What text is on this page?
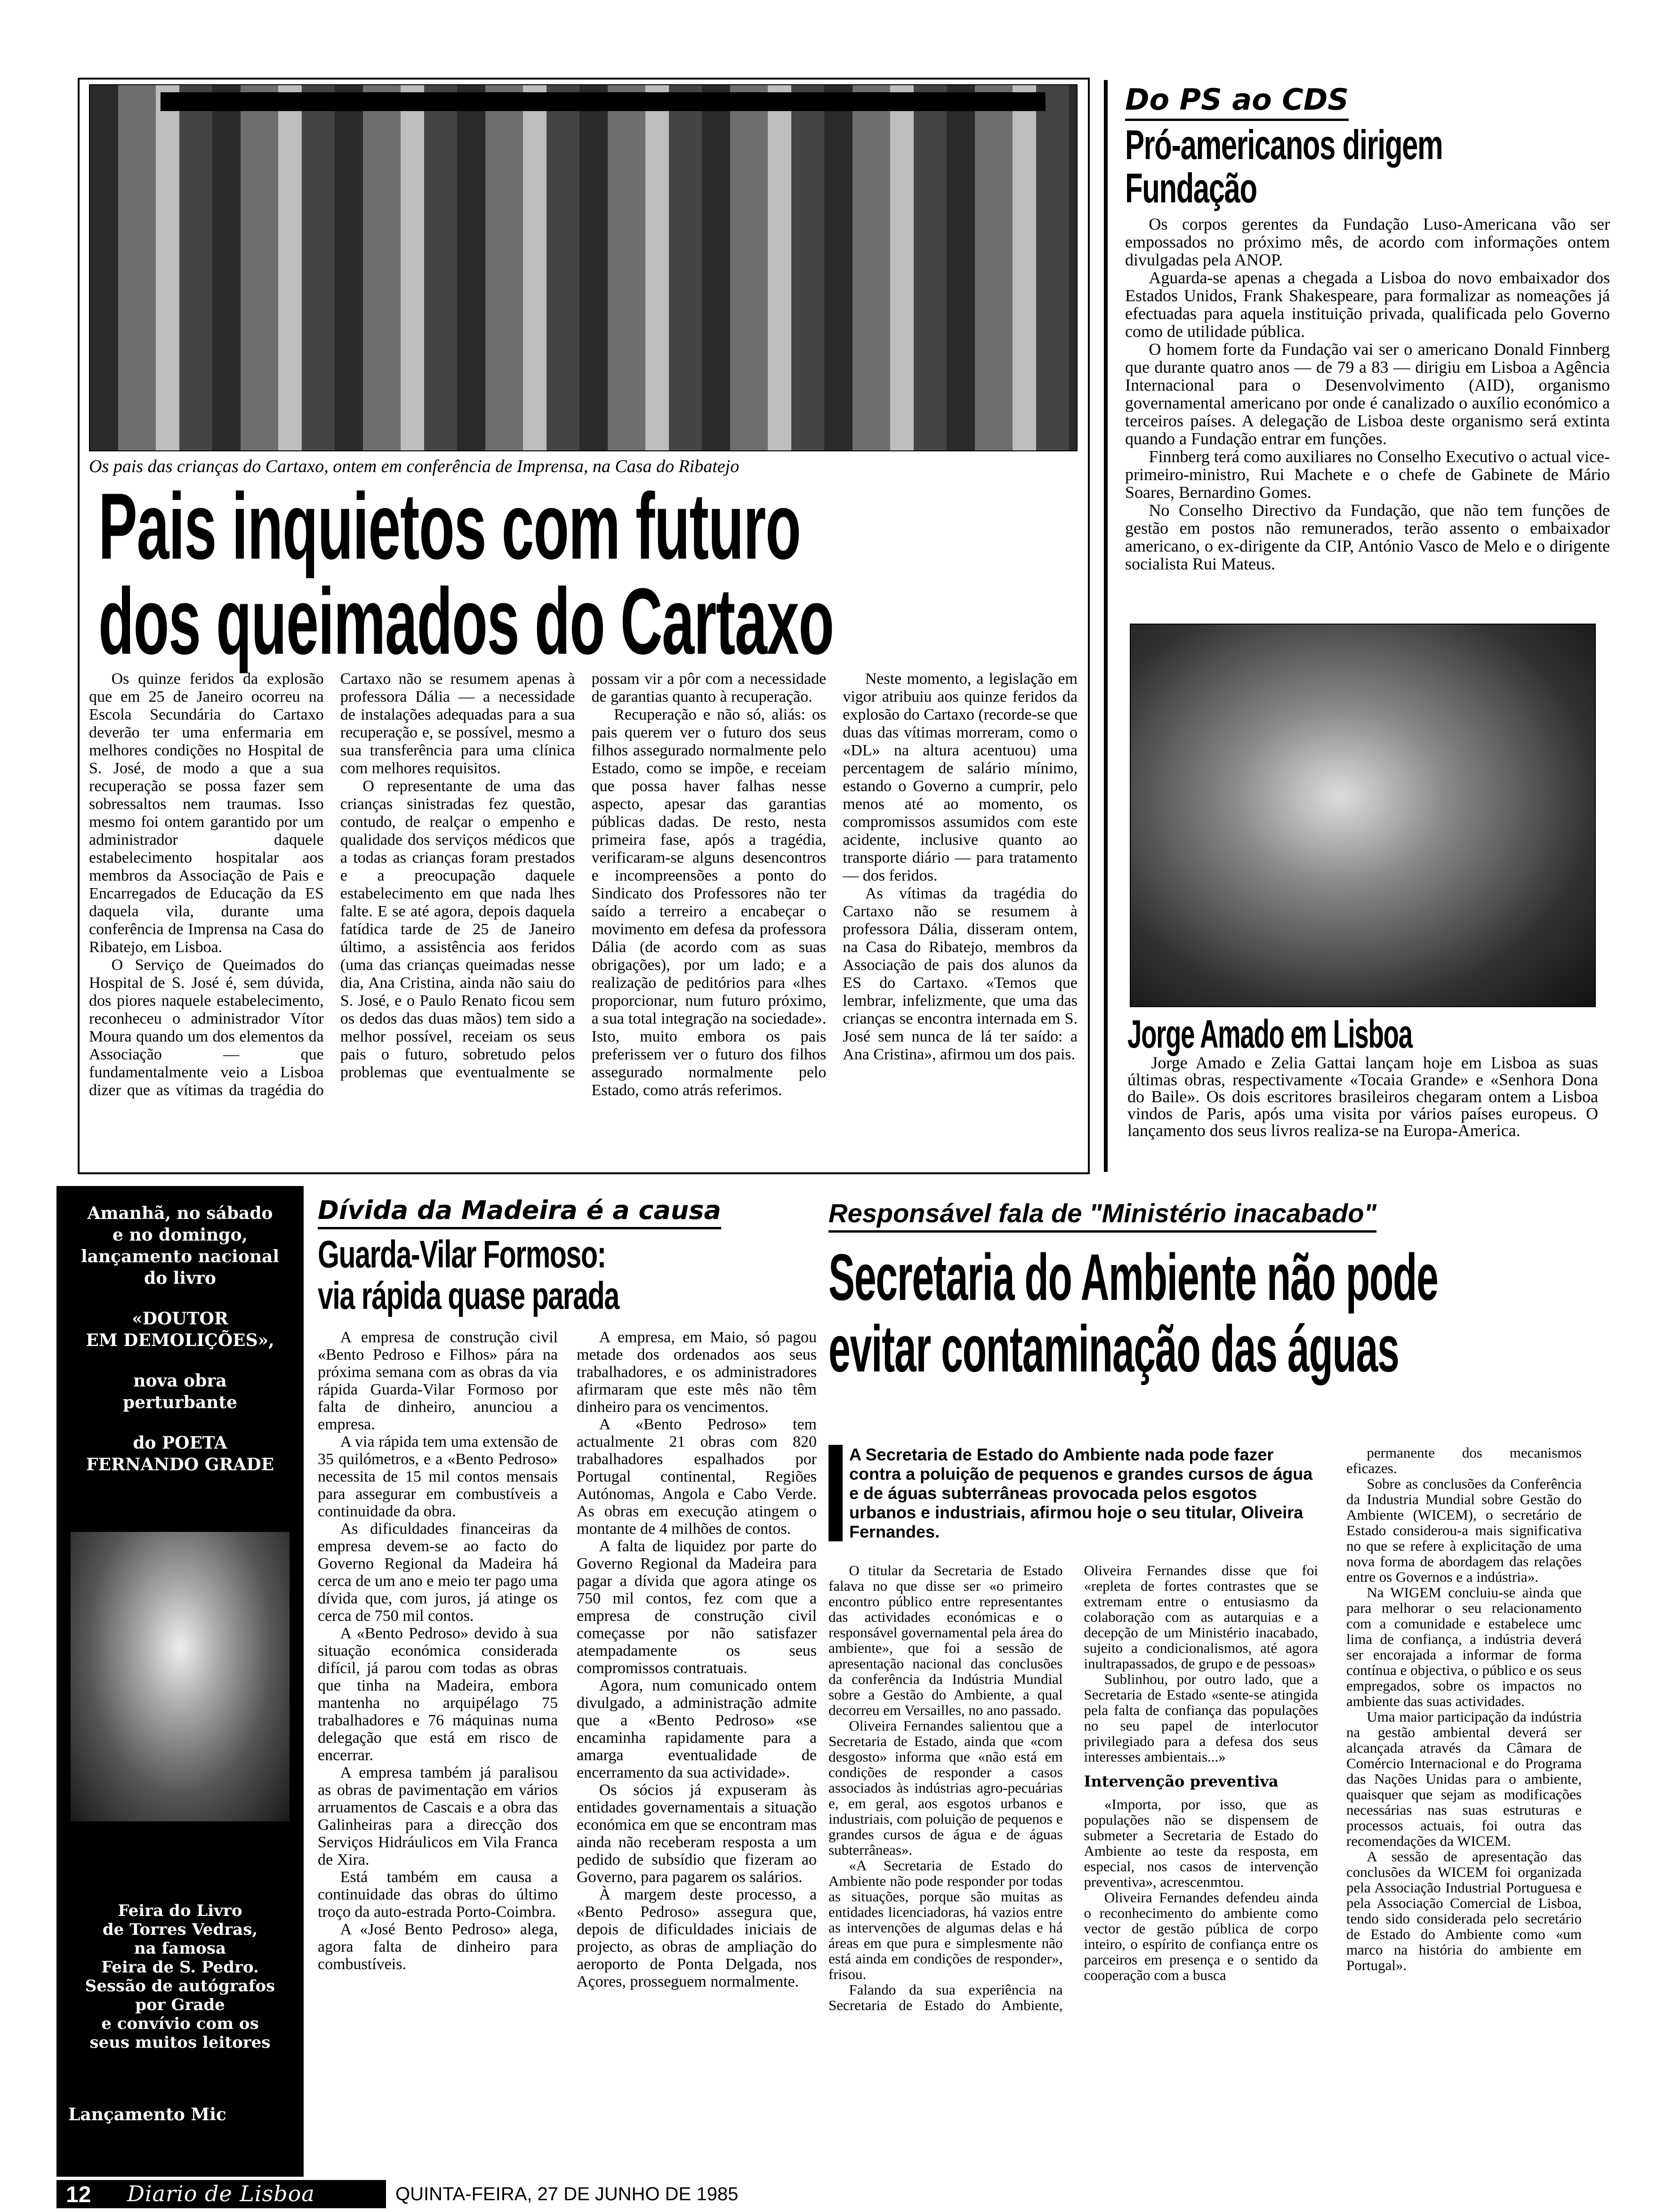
Os pais das crianças do Cartaxo, ontem em conferência de Imprensa, na Casa do Ribatejo
Pais inquietos com futuro
dos queimados do Cartaxo

Os quinze feridos da explosão que em 25 de Janeiro ocorreu na Escola Secundária do Cartaxo deverão ter uma enfermaria em melhores condições no Hospital de S. José, de modo a que a sua recuperação se possa fazer sem sobressaltos nem traumas. Isso mesmo foi ontem garantido por um administrador daquele estabelecimento hospitalar aos membros da Associação de Pais e Encarregados de Educação da ES daquela vila, durante uma conferência de Imprensa na Casa do Ribatejo, em Lisboa.

O Serviço de Queimados do Hospital de S. José é, sem dúvida, dos piores naquele estabelecimento, reconheceu o administrador Vítor Moura quando um dos elementos da Associação — que fundamentalmente veio a Lisboa dizer que as vítimas da tragédia do Cartaxo não se resumem apenas à professora Dália — a necessidade de instalações adequadas para a sua recuperação e, se possível, mesmo a sua transferência para uma clínica com melhores requisitos.

O representante de uma das crianças sinistradas fez questão, contudo, de realçar o empenho e qualidade dos serviços médicos que a todas as crianças foram prestados e a preocupação daquele estabelecimento em que nada lhes falte. E se até agora, depois daquela fatídica tarde de 25 de Janeiro último, a assistência aos feridos (uma das crianças queimadas nesse dia, Ana Cristina, ainda não saiu do S. José, e o Paulo Renato ficou sem os dedos das duas mãos) tem sido a melhor possível, receiam os seus pais o futuro, sobretudo pelos problemas que eventualmente se possam vir a pôr com a necessidade de garantias quanto à recuperação.

Recuperação e não só, aliás: os pais querem ver o futuro dos seus filhos assegurado normalmente pelo Estado, como se impõe, e receiam que possa haver falhas nesse aspecto, apesar das garantias públicas dadas. De resto, nesta primeira fase, após a tragédia, verificaram-se alguns desencontros e incompreensões a ponto do Sindicato dos Professores não ter saído a terreiro a encabeçar o movimento em defesa da professora Dália (de acordo com as suas obrigações), por um lado; e a realização de peditórios para «lhes proporcionar, num futuro próximo, a sua total integração na sociedade». Isto, muito embora os pais preferissem ver o futuro dos filhos assegurado normalmente pelo Estado, como atrás referimos.

Neste momento, a legislação em vigor atribuiu aos quinze feridos da explosão do Cartaxo (recorde-se que duas das vítimas morreram, como o «DL» na altura acentuou) uma percentagem de salário mínimo, estando o Governo a cumprir, pelo menos até ao momento, os compromissos assumidos com este acidente, inclusive quanto ao transporte diário — para tratamento — dos feridos.

As vítimas da tragédia do Cartaxo não se resumem à professora Dália, disseram ontem, na Casa do Ribatejo, membros da Associação de pais dos alunos da ES do Cartaxo. «Temos que lembrar, infelizmente, que uma das crianças se encontra internada em S. José sem nunca de lá ter saído: a Ana Cristina», afirmou um dos pais.

Do PS ao CDS
Pró-americanos dirigem
Fundação

Os corpos gerentes da Fundação Luso-Americana vão ser empossados no próximo mês, de acordo com informações ontem divulgadas pela ANOP.

Aguarda-se apenas a chegada a Lisboa do novo embaixador dos Estados Unidos, Frank Shakespeare, para formalizar as nomeações já efectuadas para aquela instituição privada, qualificada pelo Governo como de utilidade pública.

O homem forte da Fundação vai ser o americano Donald Finnberg que durante quatro anos — de 79 a 83 — dirigiu em Lisboa a Agência Internacional para o Desenvolvimento (AID), organismo governamental americano por onde é canalizado o auxílio económico a terceiros países. A delegação de Lisboa deste organismo será extinta quando a Fundação entrar em funções.

Finnberg terá como auxiliares no Conselho Executivo o actual vice-primeiro-ministro, Rui Machete e o chefe de Gabinete de Mário Soares, Bernardino Gomes.

No Conselho Directivo da Fundação, que não tem funções de gestão em postos não remunerados, terão assento o embaixador americano, o ex-dirigente da CIP, António Vasco de Melo e o dirigente socialista Rui Mateus.

Jorge Amado em Lisboa

Jorge Amado e Zelia Gattai lançam hoje em Lisboa as suas últimas obras, respectivamente «Tocaia Grande» e «Senhora Dona do Baile». Os dois escritores brasileiros chegaram ontem a Lisboa vindos de Paris, após uma visita por vários países europeus. O lançamento dos seus livros realiza-se na Europa-America.

Amanhã, no sábado
e no domingo,
lançamento nacional
do livro
«DOUTOR
EM DEMOLIÇÕES»,
nova obra
perturbante
do POETA
FERNANDO GRADE
Feira do Livro
de Torres Vedras,
na famosa
Feira de S. Pedro.
Sessão de autógrafos
por Grade
e convívio com os
seus muitos leitores
Lançamento Mic
Dívida da Madeira é a causa
Guarda-Vilar Formoso:
via rápida quase parada

A empresa de construção civil «Bento Pedroso e Filhos» pára na próxima semana com as obras da via rápida Guarda-Vilar Formoso por falta de dinheiro, anunciou a empresa.

A via rápida tem uma extensão de 35 quilómetros, e a «Bento Pedroso» necessita de 15 mil contos mensais para assegurar em combustíveis a continuidade da obra.

As dificuldades financeiras da empresa devem-se ao facto do Governo Regional da Madeira há cerca de um ano e meio ter pago uma dívida que, com juros, já atinge os cerca de 750 mil contos.

A «Bento Pedroso» devido à sua situação económica considerada difícil, já parou com todas as obras que tinha na Madeira, embora mantenha no arquipélago 75 trabalhadores e 76 máquinas numa delegação que está em risco de encerrar.

A empresa também já paralisou as obras de pavimentação em vários arruamentos de Cascais e a obra das Galinheiras para a direcção dos Serviços Hidráulicos em Vila Franca de Xira.

Está também em causa a continuidade das obras do último troço da auto-estrada Porto-Coimbra.

A «José Bento Pedroso» alega, agora falta de dinheiro para combustíveis.

A empresa, em Maio, só pagou metade dos ordenados aos seus trabalhadores, e os administradores afirmaram que este mês não têm dinheiro para os vencimentos.

A «Bento Pedroso» tem actualmente 21 obras com 820 trabalhadores espalhados por Portugal continental, Regiões Autónomas, Angola e Cabo Verde. As obras em execução atingem o montante de 4 milhões de contos.

A falta de liquidez por parte do Governo Regional da Madeira para pagar a dívida que agora atinge os 750 mil contos, fez com que a empresa de construção civil começasse por não satisfazer atempadamente os seus compromissos contratuais.

Agora, num comunicado ontem divulgado, a administração admite que a «Bento Pedroso» «se encaminha rapidamente para a amarga eventualidade de encerramento da sua actividade».

Os sócios já expuseram às entidades governamentais a situação económica em que se encontram mas ainda não receberam resposta a um pedido de subsídio que fizeram ao Governo, para pagarem os salários.

À margem deste processo, a «Bento Pedroso» assegura que, depois de dificuldades iniciais de projecto, as obras de ampliação do aeroporto de Ponta Delgada, nos Açores, prosseguem normalmente.

Responsável fala de "Ministério inacabado"
Secretaria do Ambiente não pode
evitar contaminação das águas
A Secretaria de Estado do Ambiente nada pode fazer contra a poluição de pequenos e grandes cursos de água e de águas subterrâneas provocada pelos esgotos urbanos e industriais, afirmou hoje o seu titular, Oliveira Fernandes.

O titular da Secretaria de Estado falava no que disse ser «o primeiro encontro público entre representantes das actividades económicas e o responsável governamental pela área do ambiente», que foi a sessão de apresentação nacional das conclusões da conferência da Indústria Mundial sobre a Gestão do Ambiente, a qual decorreu em Versailles, no ano passado.

Oliveira Fernandes salientou que a Secretaria de Estado, ainda que «com desgosto» informa que «não está em condições de responder a casos associados às indústrias agro-pecuárias e, em geral, aos esgotos urbanos e industriais, com poluição de pequenos e grandes cursos de água e de águas subterrâneas».

«A Secretaria de Estado do Ambiente não pode responder por todas as situações, porque são muitas as entidades licenciadoras, há vazios entre as intervenções de algumas delas e há áreas em que pura e simplesmente não está ainda em condições de responder», frisou.

Falando da sua experiência na Secretaria de Estado do Ambiente, Oliveira Fernandes disse que foi «repleta de fortes contrastes que se extremam entre o entusiasmo da colaboração com as autarquias e a decepção de um Ministério inacabado, sujeito a condicionalismos, até agora inultrapassados, de grupo e de pessoas»

Sublinhou, por outro lado, que a Secretaria de Estado «sente-se atingida pela falta de confiança das populações no seu papel de interlocutor privilegiado para a defesa dos seus interesses ambientais...»

Intervenção preventiva

«Importa, por isso, que as populações não se dispensem de submeter a Secretaria de Estado do Ambiente ao teste da resposta, em especial, nos casos de intervenção preventiva», acrescenmtou.

Oliveira Fernandes defendeu ainda o reconhecimento do ambiente como vector de gestão pública de corpo inteiro, o espírito de confiança entre os parceiros em presença e o sentido da cooperação com a busca

permanente dos mecanismos eficazes.

Sobre as conclusões da Conferência da Industria Mundial sobre Gestão do Ambiente (WICEM), o secretário de Estado considerou-a mais significativa no que se refere à explicitação de uma nova forma de abordagem das relações entre os Governos e a indústria».

Na WIGEM concluiu-se ainda que para melhorar o seu relacionamento com a comunidade e estabelece umc lima de confiança, a indústria deverá ser encorajada a informar de forma contínua e objectiva, o público e os seus empregados, sobre os impactos no ambiente das suas actividades.

Uma maior participação da indústria na gestão ambiental deverá ser alcançada através da Câmara de Comércio Internacional e do Programa das Nações Unidas para o ambiente, quaisquer que sejam as modificações necessárias nas suas estruturas e processos actuais, foi outra das recomendações da WICEM.

A sessão de apresentação das conclusões da WICEM foi organizada pela Associação Industrial Portuguesa e pela Associação Comercial de Lisboa, tendo sido considerada pelo secretário de Estado do Ambiente como «um marco na história do ambiente em Portugal».

12 Diario de Lisboa	QUINTA-FEIRA, 27 DE JUNHO DE 1985
